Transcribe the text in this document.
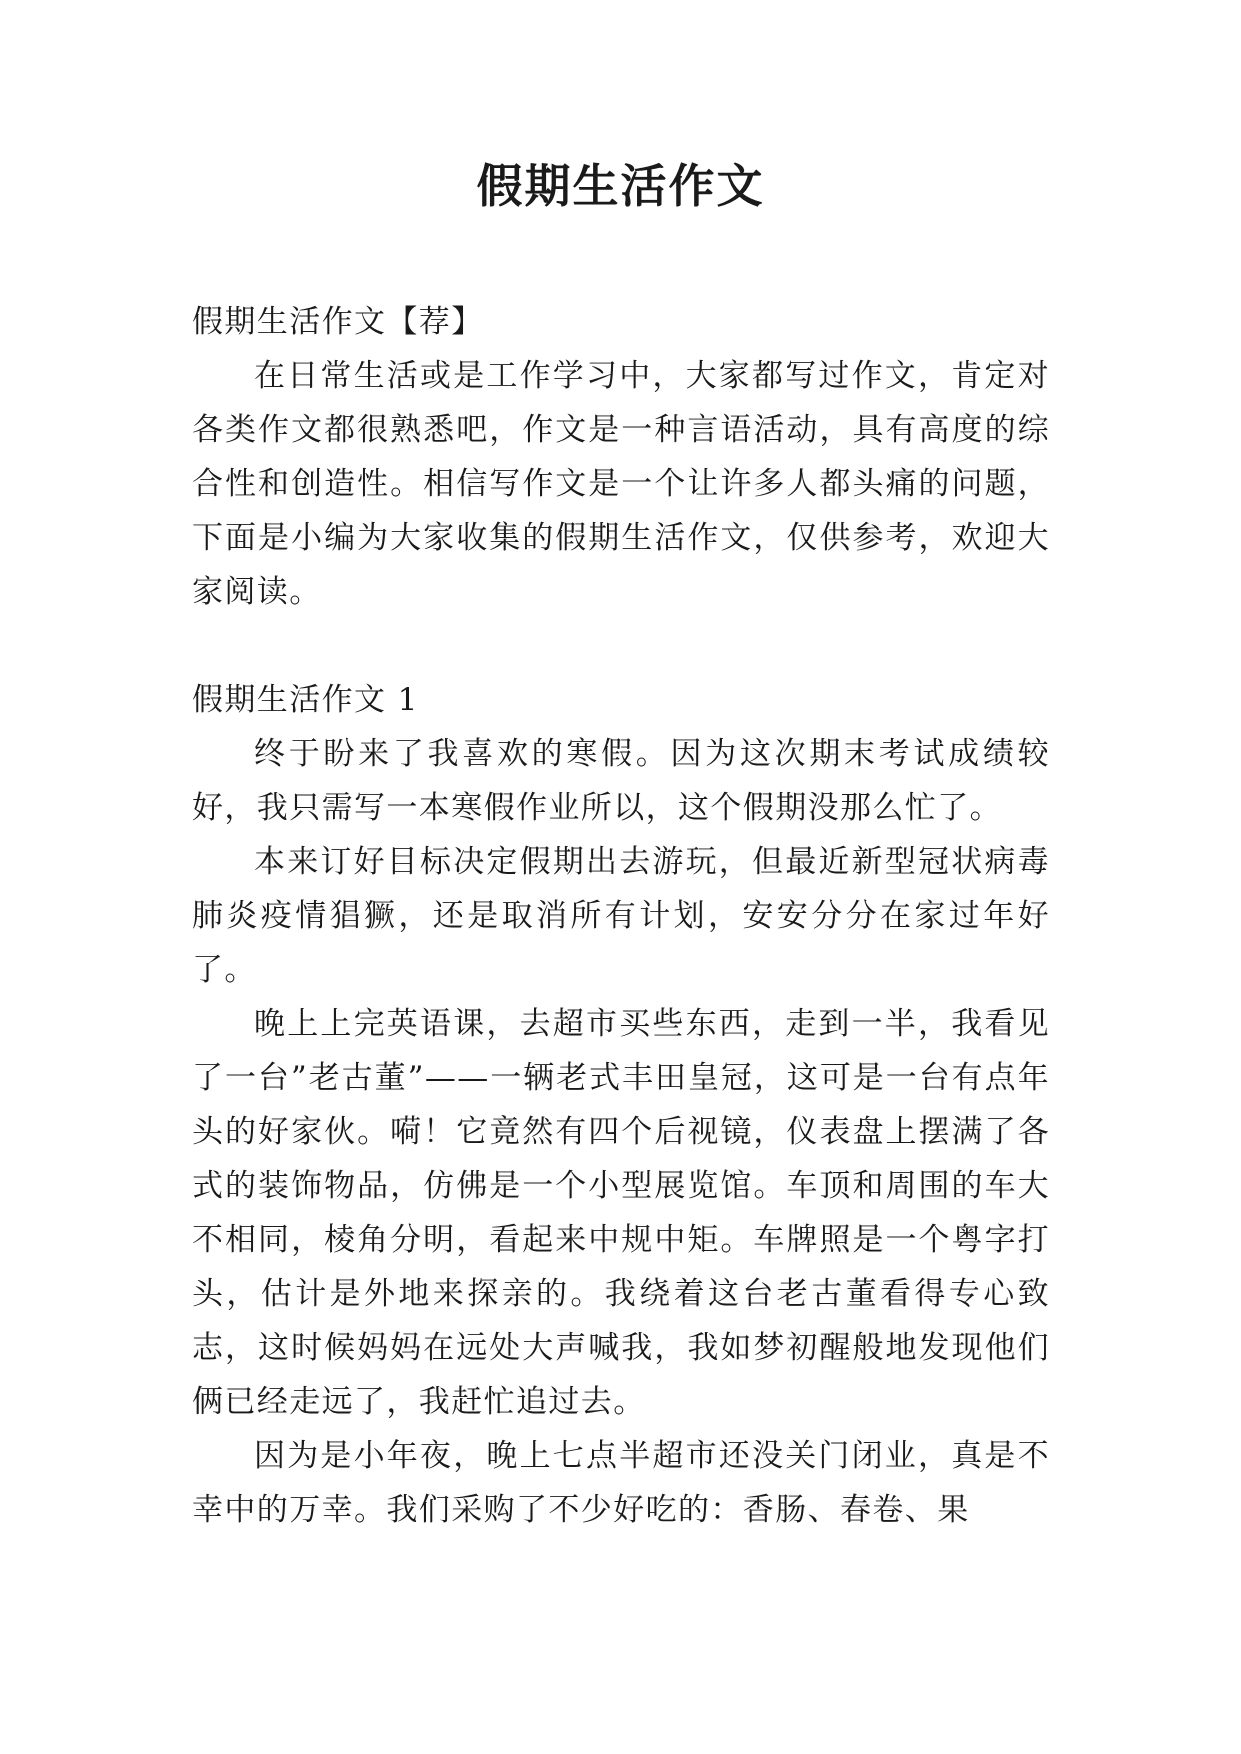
假期生活作文

假期生活作文【荐】

在日常生活或是工作学习中，大家都写过作文，肯定对各类作文都很熟悉吧，作文是一种言语活动，具有高度的综合性和创造性。相信写作文是一个让许多人都头痛的问题，下面是小编为大家收集的假期生活作文，仅供参考，欢迎大家阅读。

假期生活作文 1

终于盼来了我喜欢的寒假。因为这次期末考试成绩较好，我只需写一本寒假作业所以，这个假期没那么忙了。

本来订好目标决定假期出去游玩，但最近新型冠状病毒肺炎疫情猖獗，还是取消所有计划，安安分分在家过年好了。

晚上上完英语课，去超市买些东西，走到一半，我看见了一台”老古董”——一辆老式丰田皇冠，这可是一台有点年头的好家伙。嗬！它竟然有四个后视镜，仪表盘上摆满了各式的装饰物品，仿佛是一个小型展览馆。车顶和周围的车大不相同，棱角分明，看起来中规中矩。车牌照是一个粤字打头，估计是外地来探亲的。我绕着这台老古董看得专心致志，这时候妈妈在远处大声喊我，我如梦初醒般地发现他们俩已经走远了，我赶忙追过去。

因为是小年夜，晚上七点半超市还没关门闭业，真是不幸中的万幸。我们采购了不少好吃的：香肠、春卷、果
